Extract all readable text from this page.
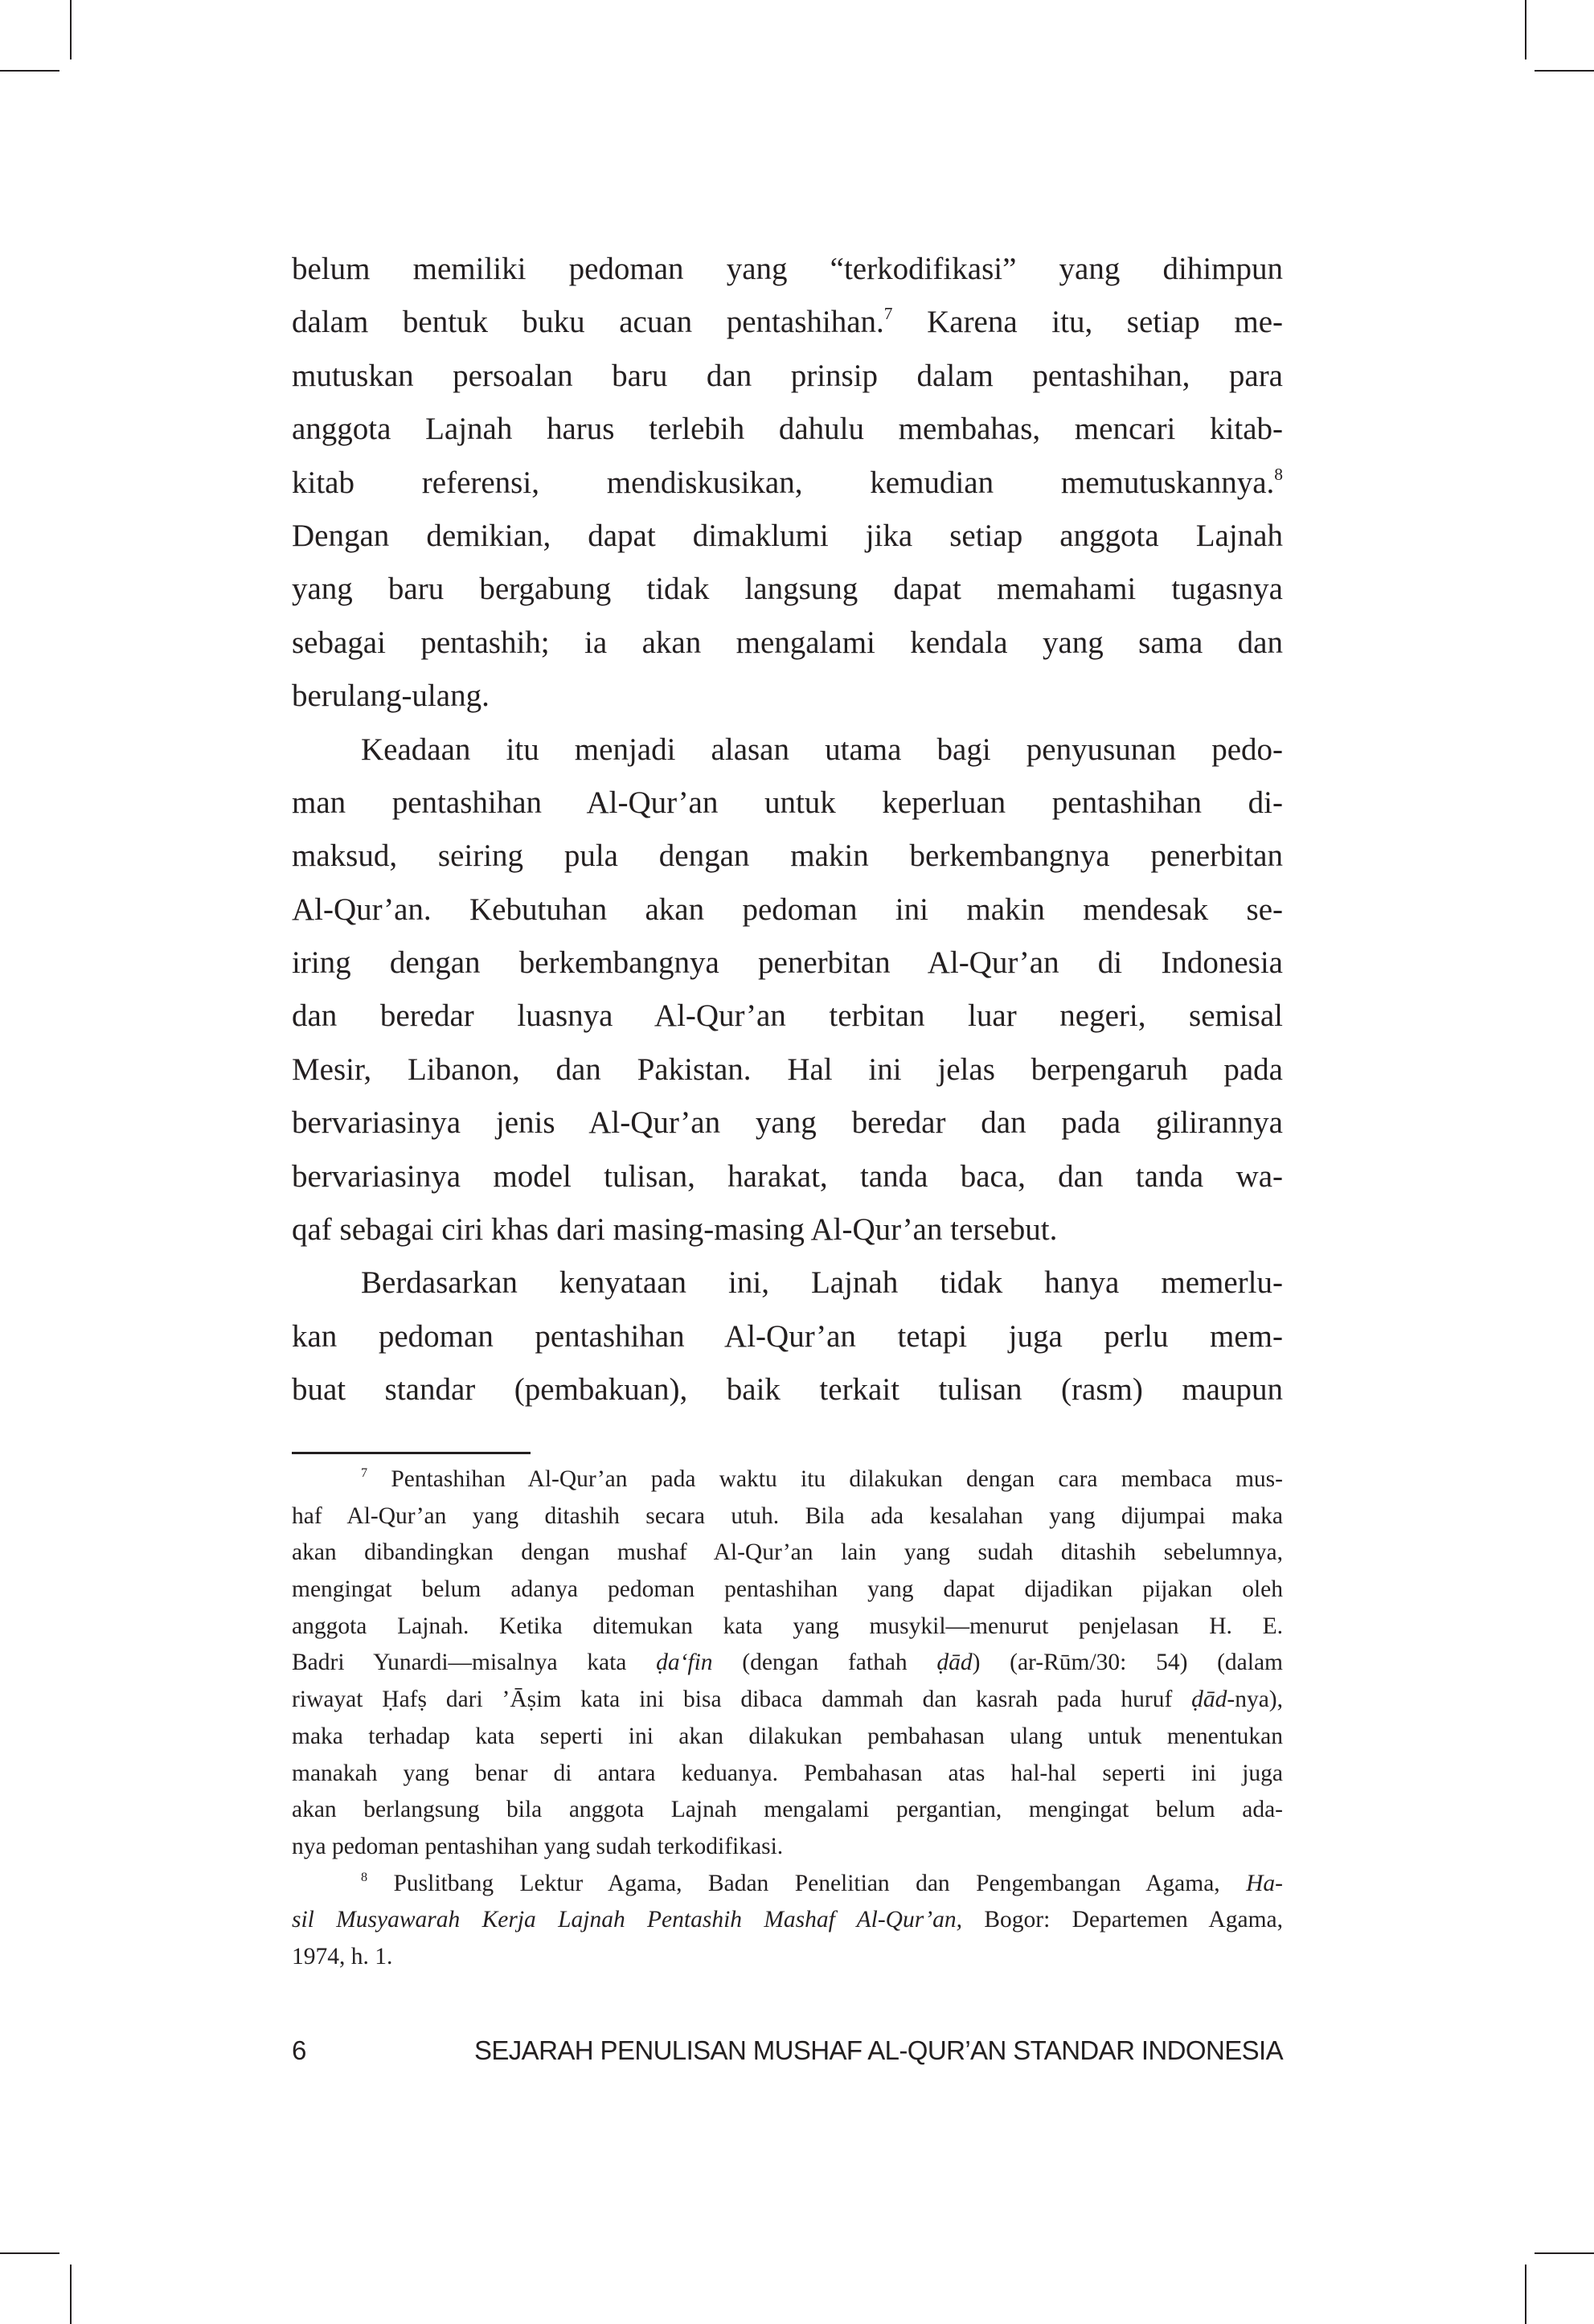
belum memiliki pedoman yang “terkodifikasi” yang dihimpun
dalam bentuk buku acuan pentashihan.$^7$ Karena itu, setiap me-
mutuskan persoalan baru dan prinsip dalam pentashihan, para
anggota Lajnah harus terlebih dahulu membahas, mencari kitab-
kitab referensi, mendiskusikan, kemudian memutuskannya.$^8$
Dengan demikian, dapat dimaklumi jika setiap anggota Lajnah
yang baru bergabung tidak langsung dapat memahami tugasnya
sebagai pentashih; ia akan mengalami kendala yang sama dan
berulang-ulang.
Keadaan itu menjadi alasan utama bagi penyusunan pedo-
man pentashihan Al-Qur’an untuk keperluan pentashihan di-
maksud, seiring pula dengan makin berkembangnya penerbitan
Al-Qur’an. Kebutuhan akan pedoman ini makin mendesak se-
iring dengan berkembangnya penerbitan Al-Qur’an di Indonesia
dan beredar luasnya Al-Qur’an terbitan luar negeri, semisal
Mesir, Libanon, dan Pakistan. Hal ini jelas berpengaruh pada
bervariasinya jenis Al-Qur’an yang beredar dan pada gilirannya
bervariasinya model tulisan, harakat, tanda baca, dan tanda wa-
qaf sebagai ciri khas dari masing-masing Al-Qur’an tersebut.
Berdasarkan kenyataan ini, Lajnah tidak hanya memerlu-
kan pedoman pentashihan Al-Qur’an tetapi juga perlu mem-
buat standar (pembakuan), baik terkait tulisan (rasm) maupun
$^7$ Pentashihan Al-Qur’an pada waktu itu dilakukan dengan cara membaca mus-
haf Al-Qur’an yang ditashih secara utuh. Bila ada kesalahan yang dijumpai maka
akan dibandingkan dengan mushaf Al-Qur’an lain yang sudah ditashih sebelumnya,
mengingat belum adanya pedoman pentashihan yang dapat dijadikan pijakan oleh
anggota Lajnah. Ketika ditemukan kata yang musykil—menurut penjelasan H. E.
Badri Yunardi—misalnya kata ḍa‘fin (dengan fathah ḍād) (ar-Rūm/30: 54) (dalam
riwayat Ḥafṣ dari ’Āṣim kata ini bisa dibaca dammah dan kasrah pada huruf ḍād-nya),
maka terhadap kata seperti ini akan dilakukan pembahasan ulang untuk menentukan
manakah yang benar di antara keduanya. Pembahasan atas hal-hal seperti ini juga
akan berlangsung bila anggota Lajnah mengalami pergantian, mengingat belum ada-
nya pedoman pentashihan yang sudah terkodifikasi.
$^8$ Puslitbang Lektur Agama, Badan Penelitian dan Pengembangan Agama, Ha-
sil Musyawarah Kerja Lajnah Pentashih Mashaf Al-Qur’an, Bogor: Departemen Agama,
1974, h. 1.
6	SEJARAH PENULISAN MUSHAF AL-QUR’AN STANDAR INDONESIA
